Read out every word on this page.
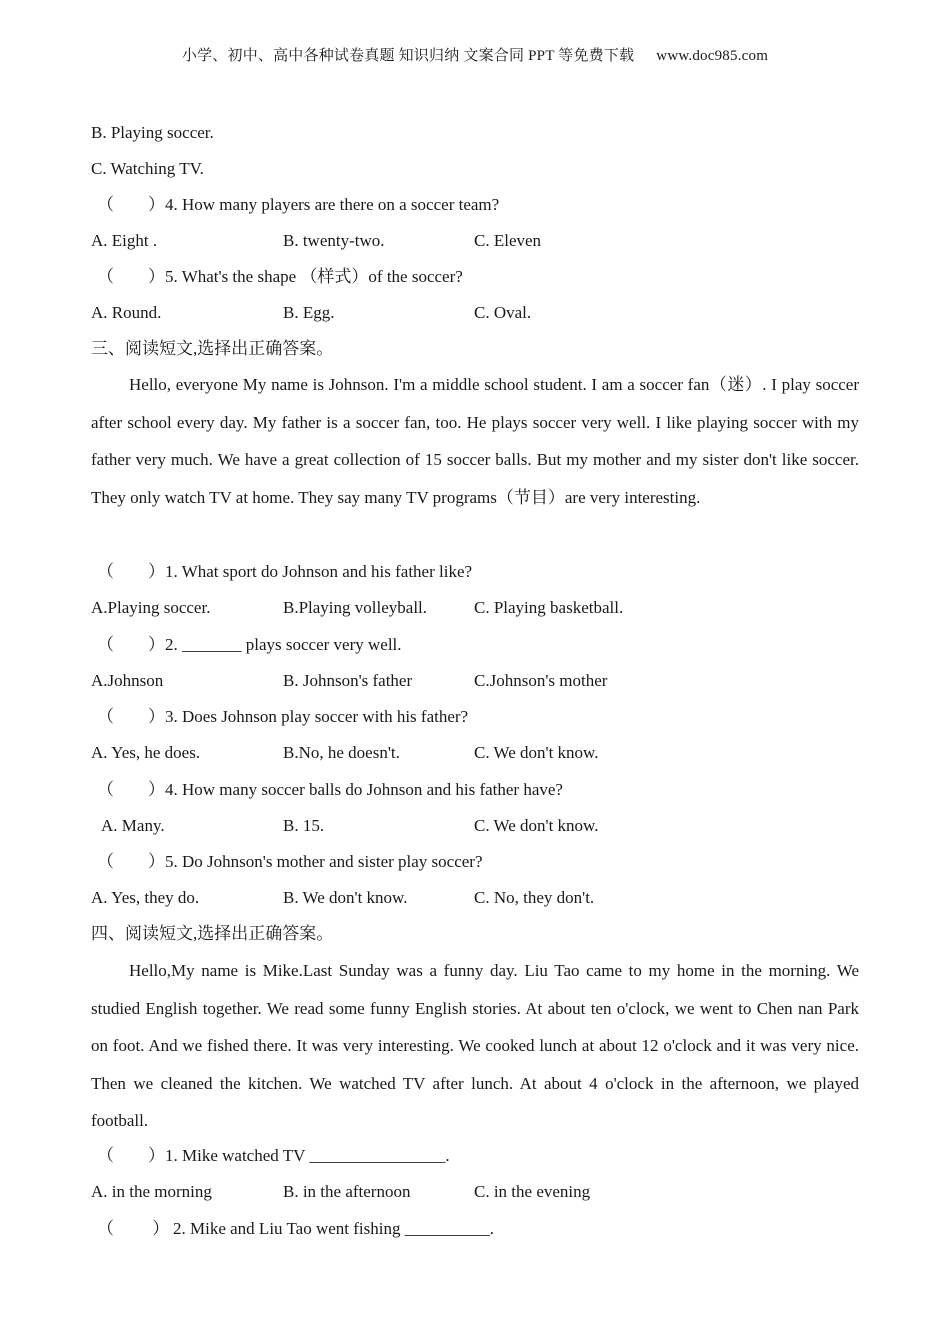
小学、初中、高中各种试卷真题 知识归纳 文案合同 PPT 等免费下载 www.doc985.com
B. Playing soccer.
C. Watching TV.
（　　）4. How many players are there on a soccer team?
A. Eight .	B. twenty-two.	C. Eleven
（　　）5. What's the shape （样式）of the soccer?
A. Round.	B. Egg.	C. Oval.
三、阅读短文,选择出正确答案。
Hello, everyone My name is Johnson. I'm a middle school student. I am a soccer fan（迷）. I play soccer after school every day. My father is a soccer fan, too. He plays soccer very well. I like playing soccer with my father very much. We have a great collection of 15 soccer balls. But my mother and my sister don't like soccer. They only watch TV at home. They say many TV programs（节目）are very interesting.
（　　）1. What sport do Johnson and his father like?
A.Playing soccer.	B.Playing volleyball.	C. Playing basketball.
（　　）2. _______ plays soccer very well.
A.Johnson	B. Johnson's father	C.Johnson's mother
（　　）3. Does Johnson play soccer with his father?
A. Yes, he does.	B.No, he doesn't.	C. We don't know.
（　　）4. How many soccer balls do Johnson and his father have?
A. Many.	B. 15.	C. We don't know.
（　　）5. Do Johnson's mother and sister play soccer?
A. Yes, they do.	B. We don't know.	C. No, they don't.
四、阅读短文,选择出正确答案。
Hello,My name is Mike.Last Sunday was a funny day. Liu Tao came to my home in the morning. We studied English together. We read some funny English stories. At about ten o'clock, we went to Chen nan Park on foot. And we fished there. It was very interesting. We cooked lunch at about 12 o'clock and it was very nice. Then we cleaned the kitchen. We watched TV after lunch. At about 4 o'clock in the afternoon, we played football.
（　　）1. Mike watched TV ________________.
A. in the morning	B. in the afternoon	C. in the evening
（　　 ） 2. Mike and Liu Tao went fishing __________.
